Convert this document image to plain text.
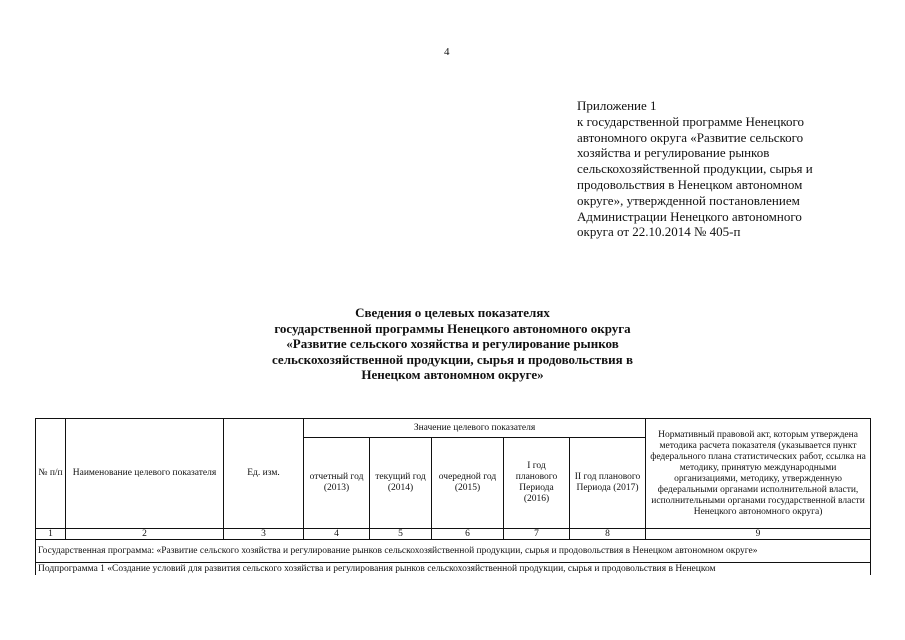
4
Приложение 1
к государственной программе Ненецкого
автономного округа «Развитие сельского
хозяйства и регулирование рынков
сельскохозяйственной продукции, сырья и
продовольствия в Ненецком автономном
округе», утвержденной постановлением
Администрации Ненецкого автономного
округа от 22.10.2014 № 405-п
Сведения о целевых показателях
государственной программы Ненецкого автономного округа
«Развитие сельского хозяйства и регулирование рынков
сельскохозяйственной продукции, сырья и продовольствия в
Ненецком автономном округе»
№ п/п	Наименование целевого показателя	Ед. изм.	Значение целевого показателя					Нормативный правовой акт, которым утверждена методика расчета показателя (указывается пункт федерального плана статистических работ, ссылка на методику, принятую международными организациями, методику, утвержденную федеральными органами исполнительной власти, исполнительными органами государственной власти Ненецкого автономного округа)
			отчетный год (2013)	текущий год (2014)	очередной год (2015)	I год планового Периода (2016)	II год планового Периода (2017)	
1	2	3	4	5	6	7	8	9
Государственная программа: «Развитие сельского хозяйства и регулирование рынков сельскохозяйственной продукции, сырья и продовольствия в Ненецком автономном округе»								
Подпрограмма 1 «Создание условий для развития сельского хозяйства и регулирования рынков сельскохозяйственной продукции, сырья и продовольствия в Ненецком								
